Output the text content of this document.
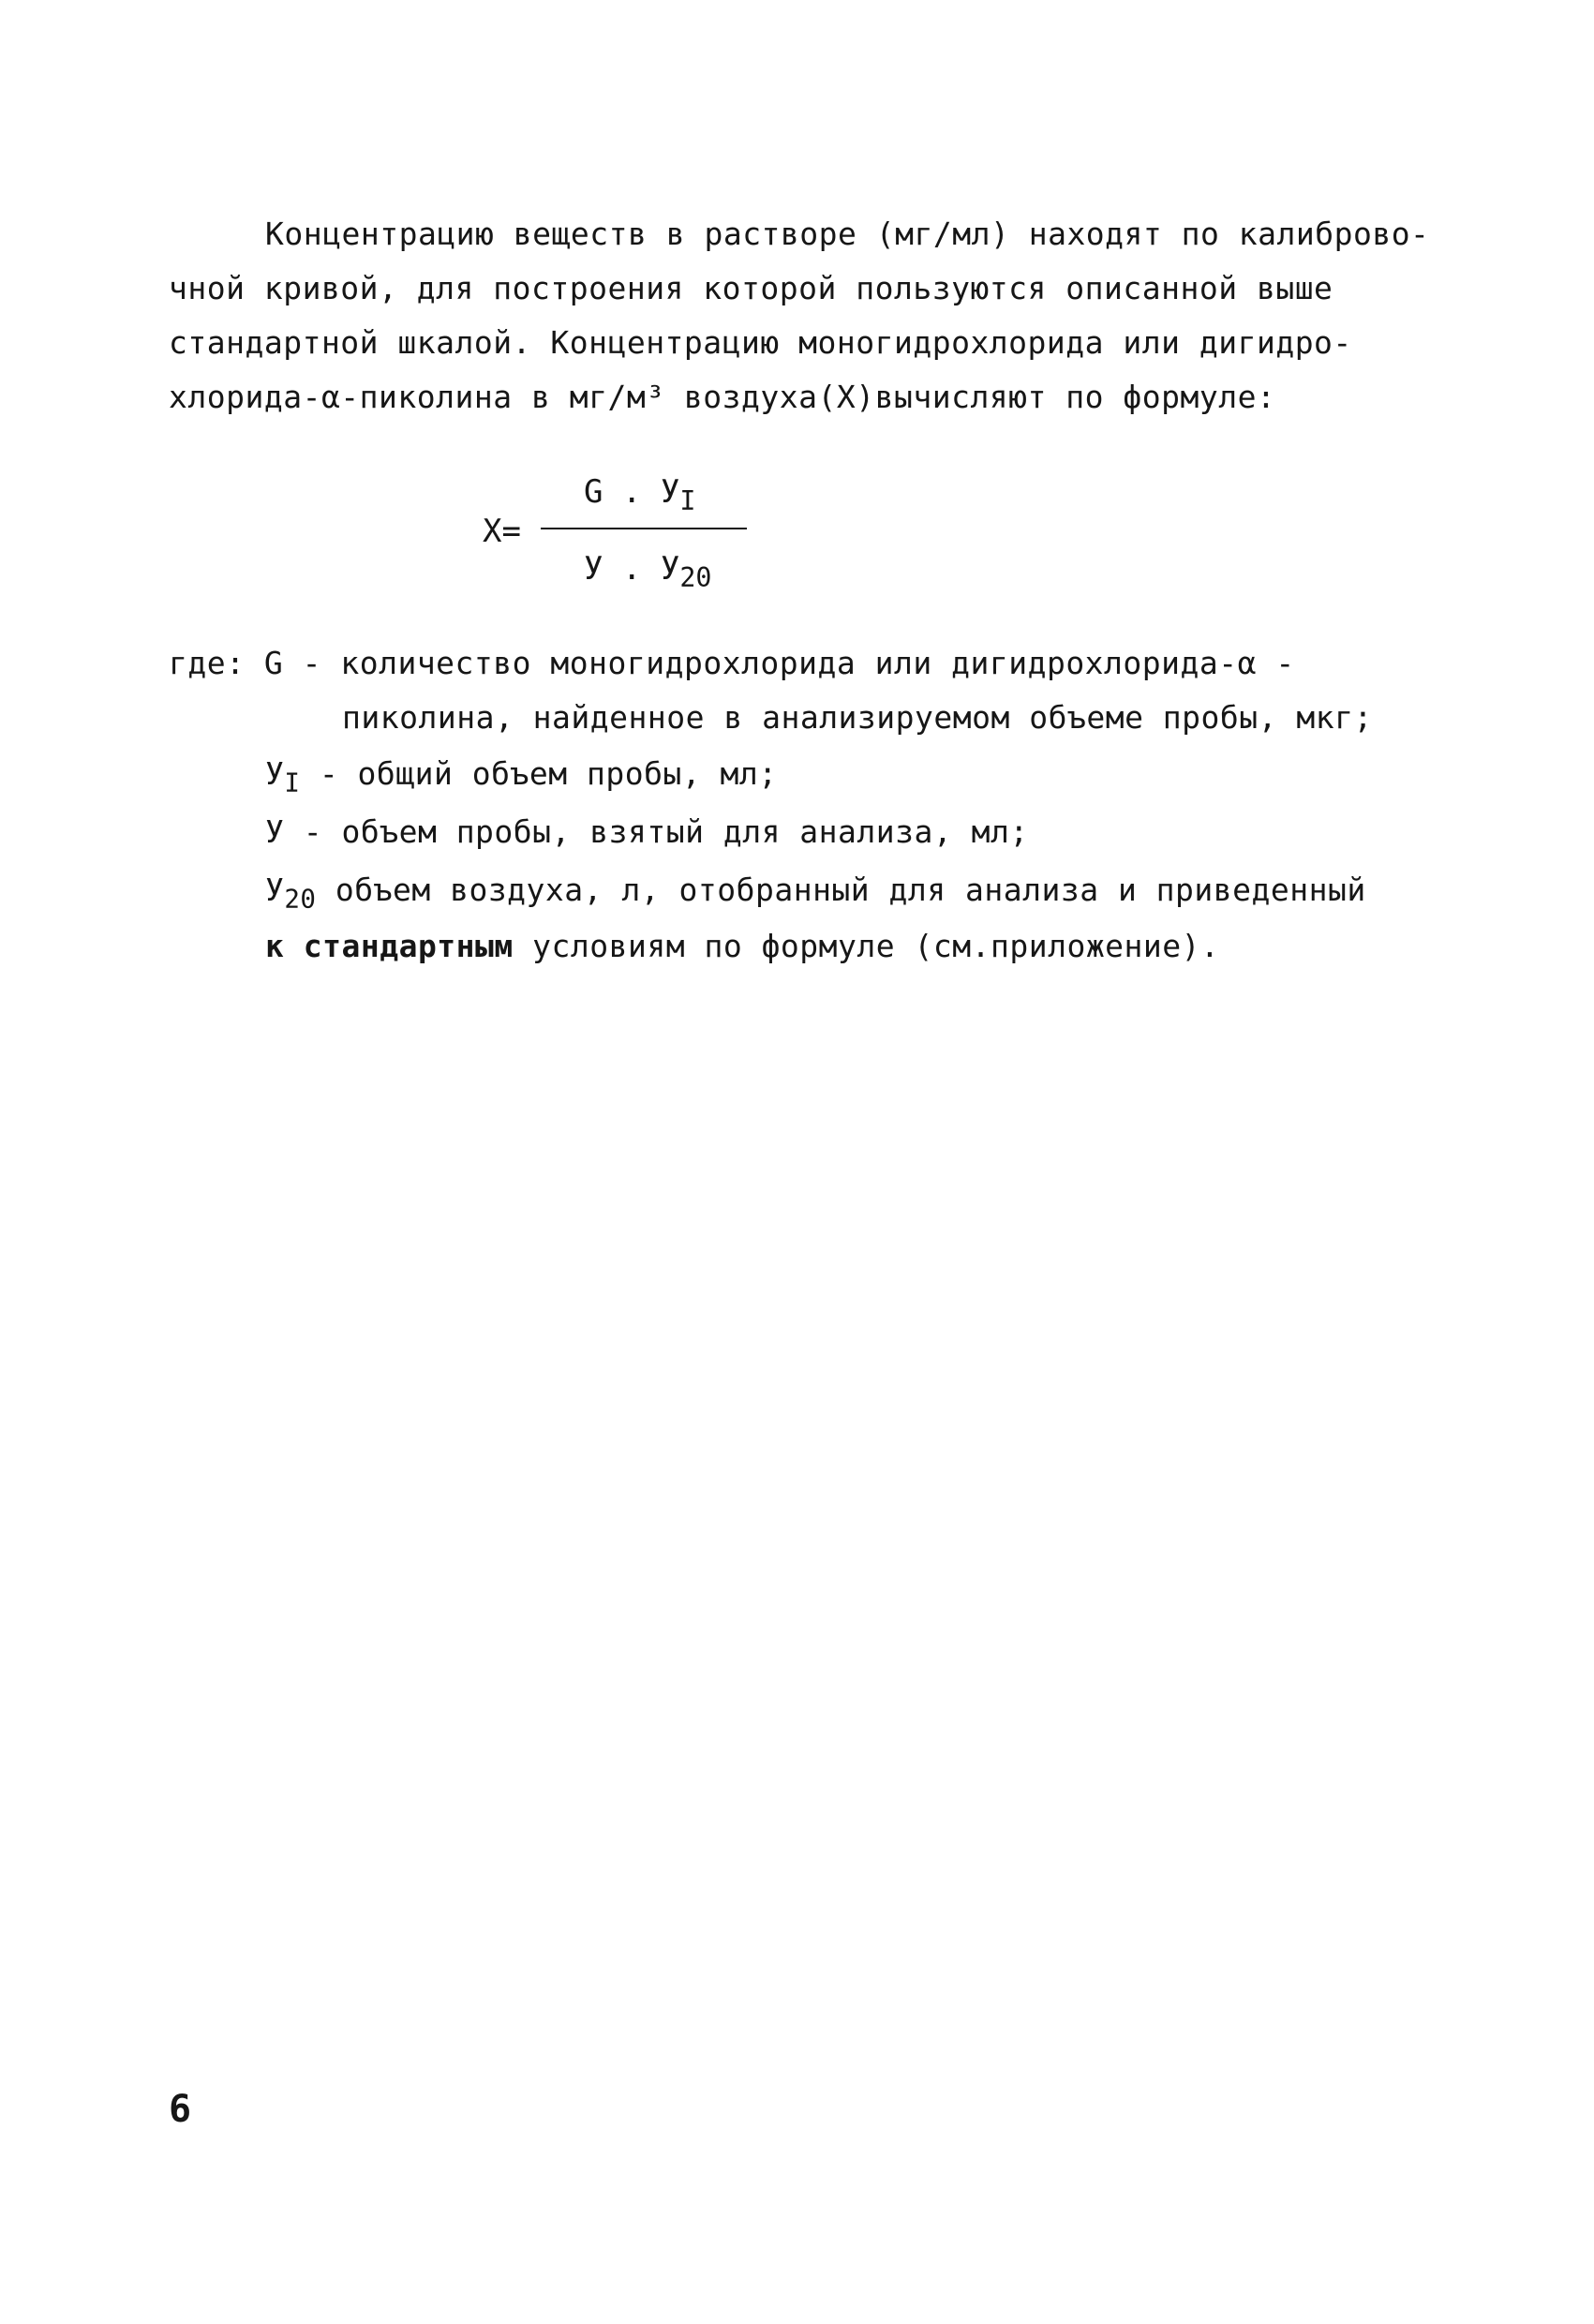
Концентрацию веществ в растворе (мг/мл) находят по калиброво-
чной кривой, для построения которой пользуются описанной выше
стандартной шкалой. Концентрацию моногидрохлорида или дигидро-
хлорида-α-пиколина в мг/м³ воздуха(X)вычисляют по формуле:
X=
G . $У_I$
У . $У_{20}$
где: G - количество моногидрохлорида или дигидрохлорида-α -
пиколина, найденное в анализируемом объеме пробы, мкг;
$У_I$ - общий объем пробы, мл;
У - объем пробы, взятый для анализа, мл;
$У_{20}$ объем воздуха, л, отобранный для анализа и приведенный
к стандартным условиям по формуле (см.приложение).
6
